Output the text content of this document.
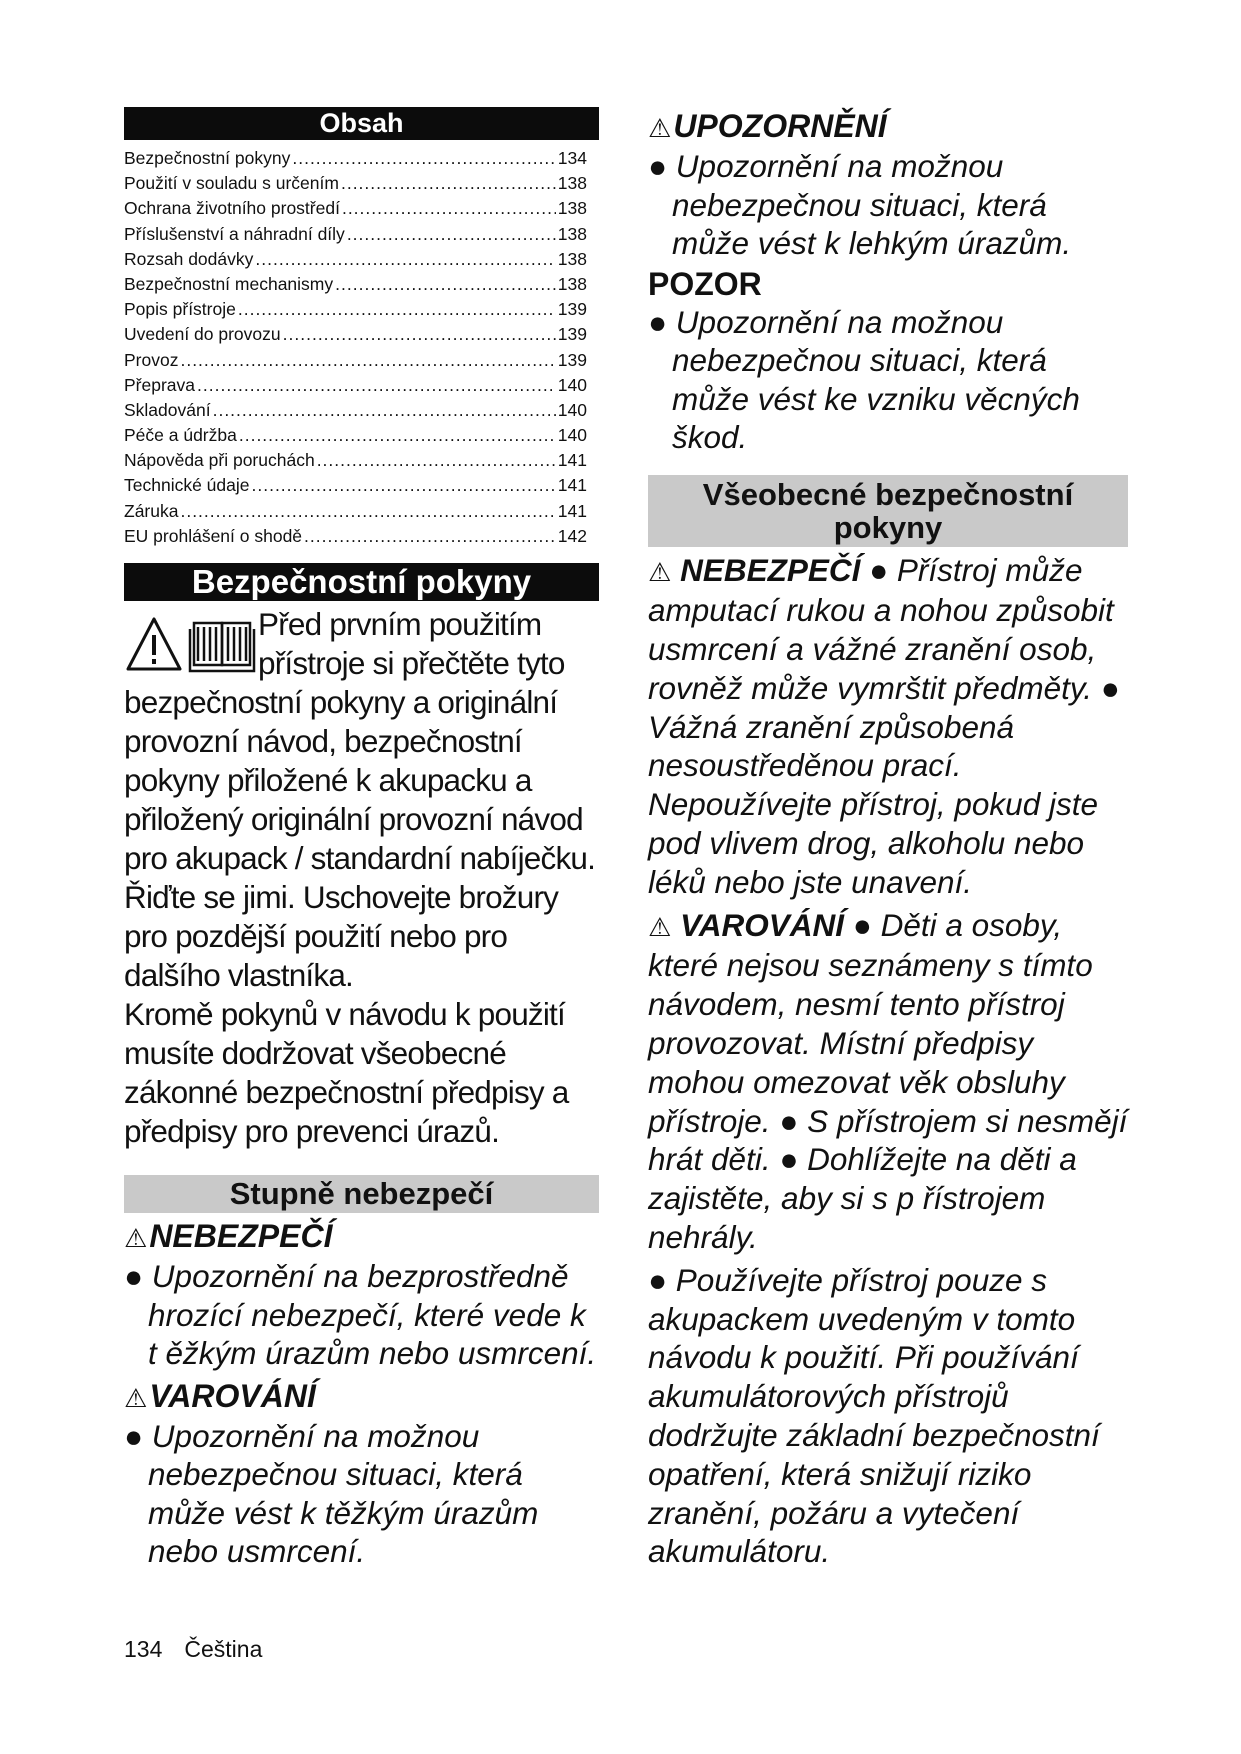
Obsah
Bezpečnostní pokyny .....	134
Použití v souladu s určením .....	138
Ochrana životního prostředí .....	138
Příslušenství a náhradní díly .....	138
Rozsah dodávky .....	138
Bezpečnostní mechanismy .....	138
Popis přístroje .....	139
Uvedení do provozu .....	139
Provoz .....	139
Přeprava .....	140
Skladování .....	140
Péče a údržba .....	140
Nápověda při poruchách .....	141
Technické údaje .....	141
Záruka .....	141
EU prohlášení o shodě .....	142
Bezpečnostní pokyny

Před prvním použitím přístroje si přečtěte tyto bezpečnostní pokyny a originální provozní návod, bezpečnostní pokyny přiložené k akupacku a přiložený originální provozní návod pro akupack / standardní nabíječku. Řiďte se jimi. Uschovejte brožury pro pozdější použití nebo pro dalšího vlastníka.

Kromě pokynů v návodu k použití musíte dodržovat všeobecné zákonné bezpečnostní předpisy a předpisy pro prevenci úrazů.

Stupně nebezpečí
⚠NEBEZPEČÍ

● Upozornění na bezprostředně hrozící nebezpečí, které vede k t ěžkým úrazům nebo usmrcení.

⚠VAROVÁNÍ

● Upozornění na možnou nebezpečnou situaci, která může vést k těžkým úrazům nebo usmrcení.

⚠UPOZORNĚNÍ

● Upozornění na možnou nebezpečnou situaci, která může vést k lehkým úrazům.

POZOR

● Upozornění na možnou nebezpečnou situaci, která může vést ke vzniku věcných škod.

Všeobecné bezpečnostní pokyny

⚠ NEBEZPEČÍ ● Přístroj může amputací rukou a nohou způsobit usmrcení a vážné zranění osob, rovněž může vymrštit předměty. ● Vážná zranění způsobená nesoustředěnou prací. Nepoužívejte přístroj, pokud jste pod vlivem drog, alkoholu nebo léků nebo jste unavení.

⚠ VAROVÁNÍ ● Děti a osoby, které nejsou seznámeny s tímto návodem, nesmí tento přístroj provozovat. Místní předpisy mohou omezovat věk obsluhy přístroje. ● S přístrojem si nesmějí hrát děti. ● Dohlížejte na děti a zajistěte, aby si s p řístrojem nehrály.

● Používejte přístroj pouze s akupackem uvedeným v tomto návodu k použití. Při používání akumulátorových přístrojů dodržujte základní bezpečnostní opatření, která snižují riziko zranění, požáru a vytečení akumulátoru.

134 Čeština
